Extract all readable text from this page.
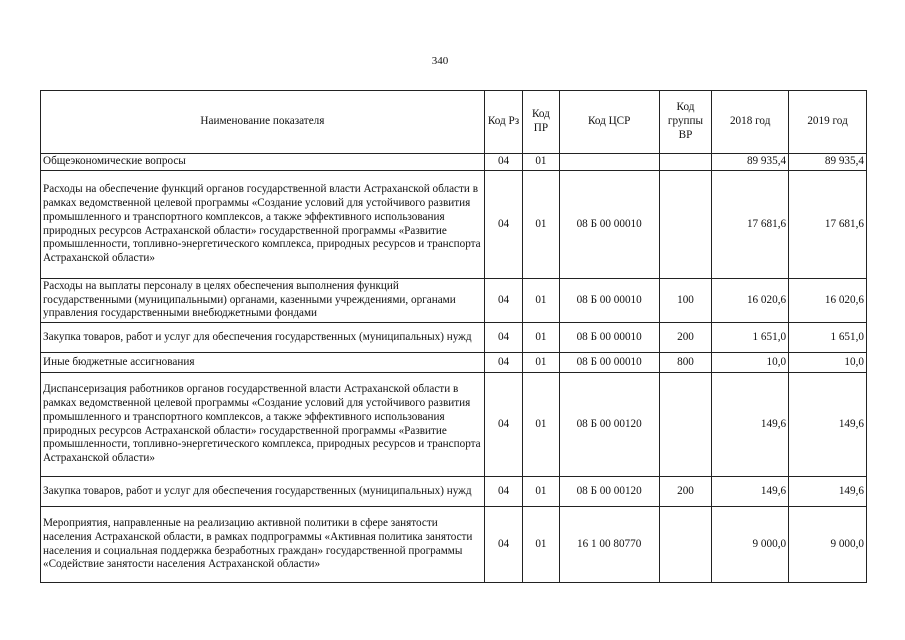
340
Наименование показателя	Код Рз	Код ПР	Код ЦСР	Код группы ВР	2018 год	2019 год
Общеэкономические вопросы	04	01			89 935,4	89 935,4
Расходы на обеспечение функций органов государственной власти Астраханской области в рамках ведомственной целевой программы «Создание условий для устойчивого развития промышленного и транспортного комплексов, а также эффективного использования природных ресурсов Астраханской области» государственной программы «Развитие промышленности, топливно-энергетического комплекса, природных ресурсов и транспорта Астраханской области»	04	01	08 Б 00 00010		17 681,6	17 681,6
Расходы на выплаты персоналу в целях обеспечения выполнения функций государственными (муниципальными) органами, казенными учреждениями, органами управления государственными внебюджетными фондами	04	01	08 Б 00 00010	100	16 020,6	16 020,6
Закупка товаров, работ и услуг для обеспечения государственных (муниципальных) нужд	04	01	08 Б 00 00010	200	1 651,0	1 651,0
Иные бюджетные ассигнования	04	01	08 Б 00 00010	800	10,0	10,0
Диспансеризация работников органов государственной власти Астраханской области в рамках ведомственной целевой программы «Создание условий для устойчивого развития промышленного и транспортного комплексов, а также эффективного использования природных ресурсов Астраханской области» государственной программы «Развитие промышленности, топливно-энергетического комплекса, природных ресурсов и транспорта Астраханской области»	04	01	08 Б 00 00120		149,6	149,6
Закупка товаров, работ и услуг для обеспечения государственных (муниципальных) нужд	04	01	08 Б 00 00120	200	149,6	149,6
Мероприятия, направленные на реализацию активной политики в сфере занятости населения Астраханской области, в рамках подпрограммы «Активная политика занятости населения и социальная поддержка безработных граждан» государственной программы «Содействие занятости населения Астраханской области»	04	01	16 1 00 80770		9 000,0	9 000,0
